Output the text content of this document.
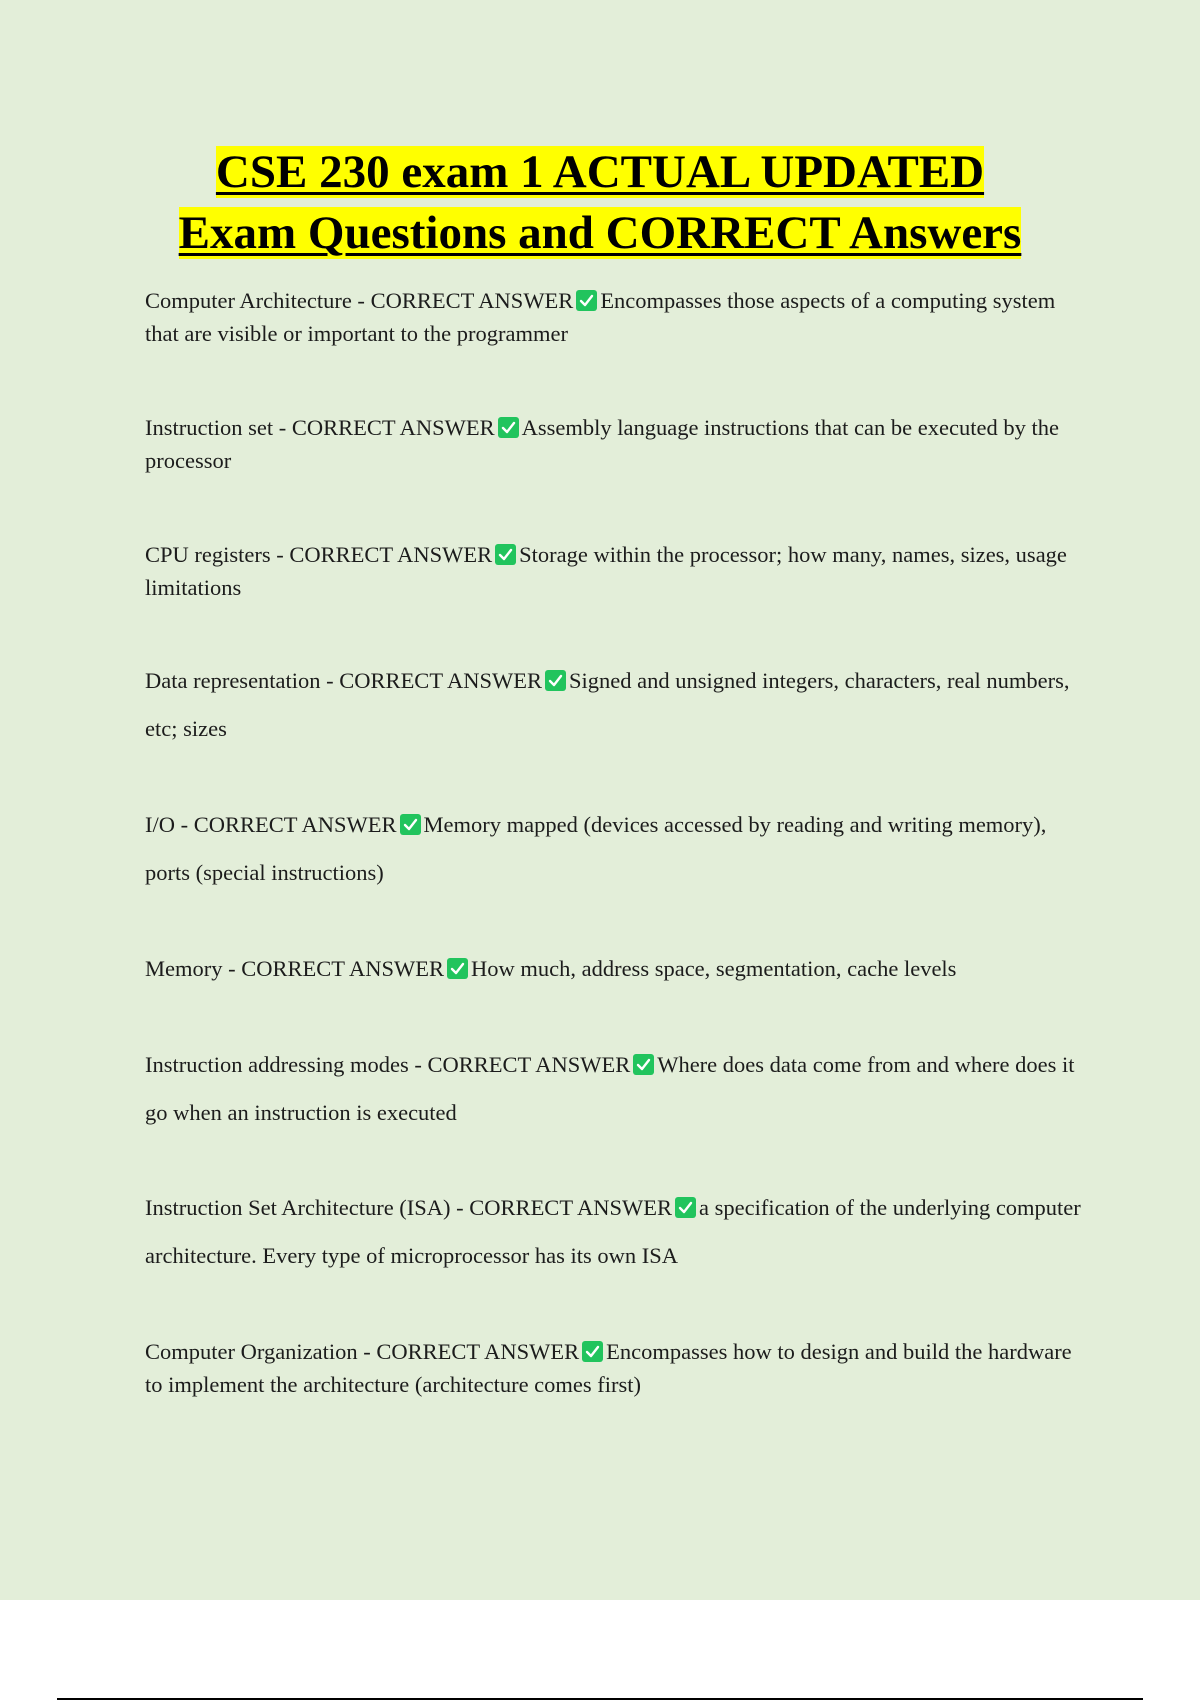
CSE 230 exam 1 ACTUAL UPDATED
Exam Questions and CORRECT Answers

Computer Architecture - CORRECT ANSWER Encompasses those aspects of a computing system that are visible or important to the programmer

Instruction set - CORRECT ANSWER Assembly language instructions that can be executed by the processor

CPU registers - CORRECT ANSWER Storage within the processor; how many, names, sizes, usage limitations

Data representation - CORRECT ANSWER Signed and unsigned integers, characters, real numbers, etc; sizes

I/O - CORRECT ANSWER Memory mapped (devices accessed by reading and writing memory), ports (special instructions)

Memory - CORRECT ANSWER How much, address space, segmentation, cache levels

Instruction addressing modes - CORRECT ANSWER Where does data come from and where does it go when an instruction is executed

Instruction Set Architecture (ISA) - CORRECT ANSWER a specification of the underlying computer architecture. Every type of microprocessor has its own ISA

Computer Organization - CORRECT ANSWER Encompasses how to design and build the hardware to implement the architecture (architecture comes first)
